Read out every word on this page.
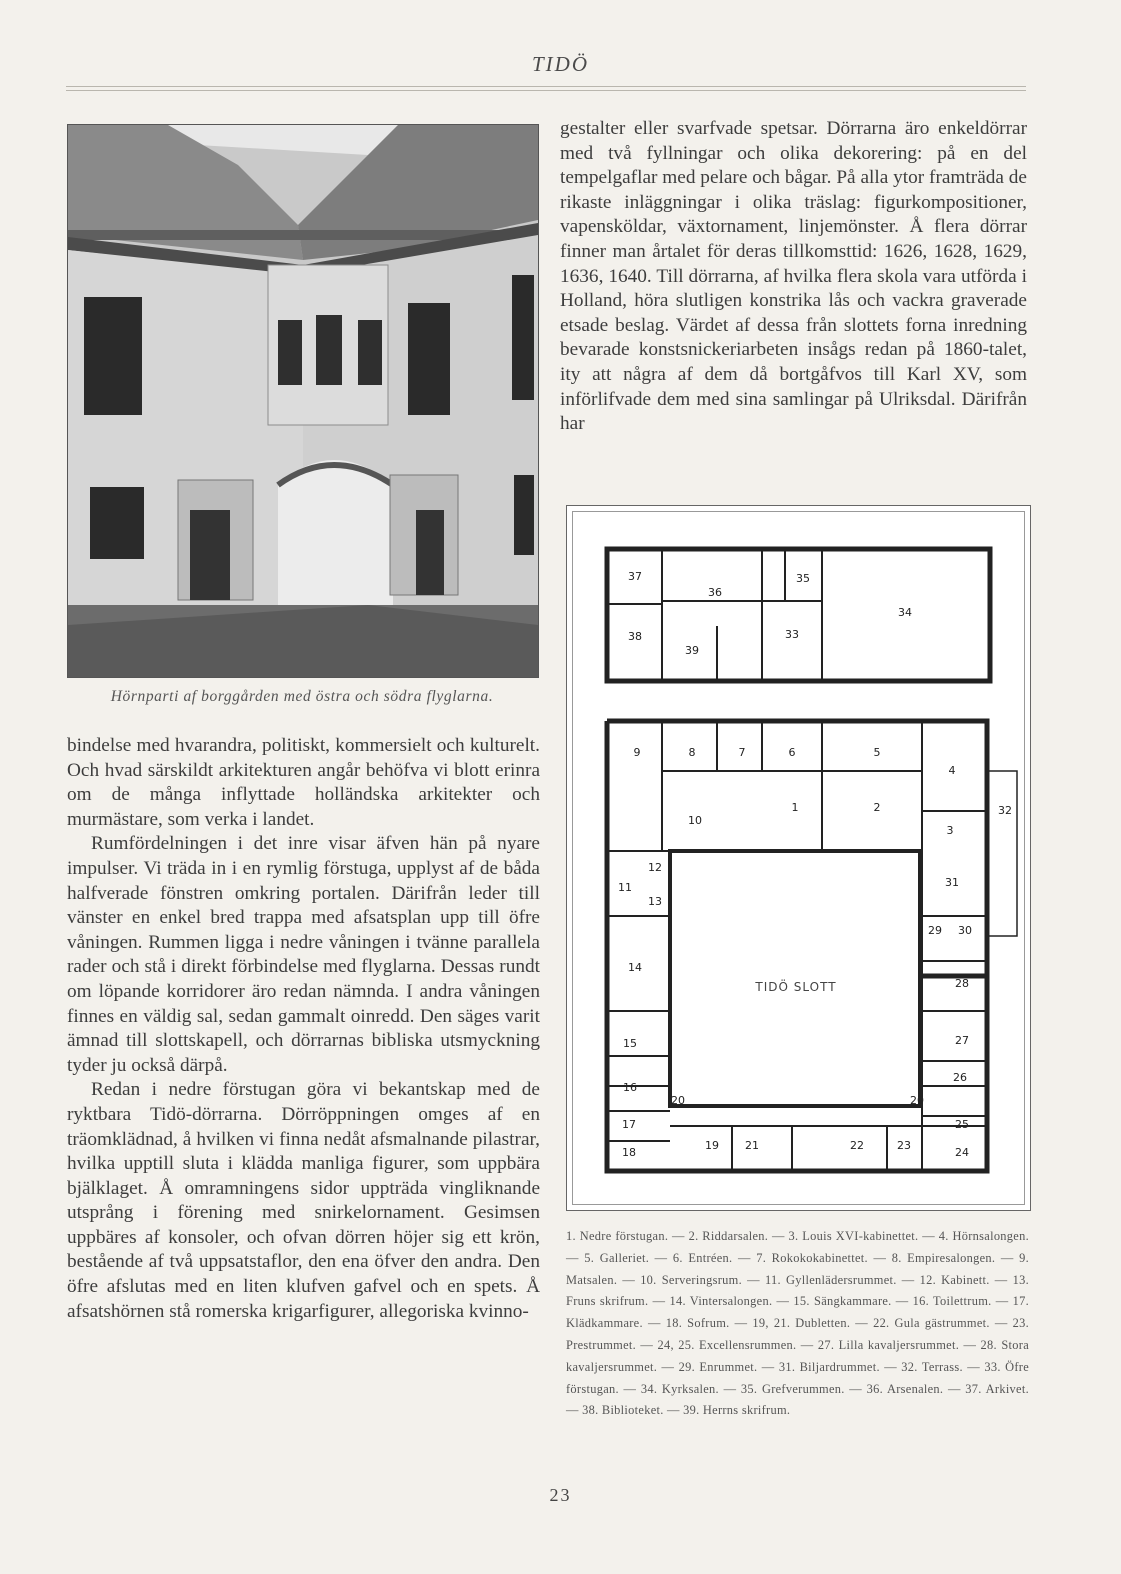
TIDÖ
Hörnparti af borggården med östra och södra flyglarna.

bindelse med hvarandra, politiskt, kommersielt och kulturelt. Och hvad särskildt arkitekturen angår behöfva vi blott erinra om de många inflyttade holländska arkitekter och murmästare, som verka i landet.

Rumfördelningen i det inre visar äfven hän på nyare impulser. Vi träda in i en rymlig förstuga, upplyst af de båda halfverade fönstren omkring portalen. Därifrån leder till vänster en enkel bred trappa med afsatsplan upp till öfre våningen. Rummen ligga i nedre våningen i tvänne parallela rader och stå i direkt förbindelse med flyglarna. Dessas rundt om löpande korridorer äro redan nämnda. I andra våningen finnes en väldig sal, sedan gammalt oinredd. Den säges varit ämnad till slottskapell, och dörrarnas bibliska utsmyckning tyder ju också därpå.

Redan i nedre förstugan göra vi bekantskap med de ryktbara Tidö-dörrarna. Dörröppningen omges af en träomklädnad, å hvilken vi finna nedåt afsmalnande pilastrar, hvilka upptill sluta i klädda manliga figurer, som uppbära bjälklaget. Å omramningens sidor uppträda vingliknande utsprång i förening med snirkelornament. Gesimsen uppbäres af konsoler, och ofvan dörren höjer sig ett krön, bestående af två uppsatstaflor, den ena öfver den andra. Den öfre afslutas med en liten klufven gafvel och en spets. Å afsatshörnen stå romerska krigarfigurer, allegoriska kvinno-

gestalter eller svarfvade spetsar. Dörrarna äro enkeldörrar med två fyllningar och olika dekorering: på en del tempelgaflar med pelare och bågar. På alla ytor framträda de rikaste inläggningar i olika träslag: figurkompositioner, vapensköldar, växtornament, linjemönster. Å flera dörrar finner man årtalet för deras tillkomsttid: 1626, 1628, 1629, 1636, 1640. Till dörrarna, af hvilka flera skola vara utförda i Holland, höra slutligen konstrika lås och vackra graverade etsade beslag. Värdet af dessa från slottets forna inredning bevarade konstsnickeriarbeten insågs redan på 1860-talet, ity att några af dem då bortgåfvos till Karl XV, som införlifvade dem med sina samlingar på Ulriksdal. Därifrån har

37
36
35
34
38
39
33
9	8	7	6	5
4
1	2	32
10
3
12
11
13
31
29 30
14
28
15	27
16
26
20	20
17	25
18
19 21	22	23
24
TIDÖ SLOTT
1. Nedre förstugan. — 2. Riddarsalen. — 3. Louis XVI-kabinettet. — 4. Hörnsalongen. — 5. Galleriet. — 6. Entréen. — 7. Rokokokabinettet. — 8. Empiresalongen. — 9. Matsalen. — 10. Serveringsrum. — 11. Gyllenlädersrummet. — 12. Kabinett. — 13. Fruns skrifrum. — 14. Vintersalongen. — 15. Sängkammare. — 16. Toilettrum. — 17. Klädkammare. — 18. Sofrum. — 19, 21. Dubletten. — 22. Gula gästrummet. — 23. Prestrummet. — 24, 25. Excellensrummen. — 27. Lilla kavaljersrummet. — 28. Stora kavaljersrummet. — 29. Enrummet. — 31. Biljardrummet. — 32. Terrass. — 33. Öfre förstugan. — 34. Kyrksalen. — 35. Grefverummen. — 36. Arsenalen. — 37. Arkivet. — 38. Biblioteket. — 39. Herrns skrifrum.
23
